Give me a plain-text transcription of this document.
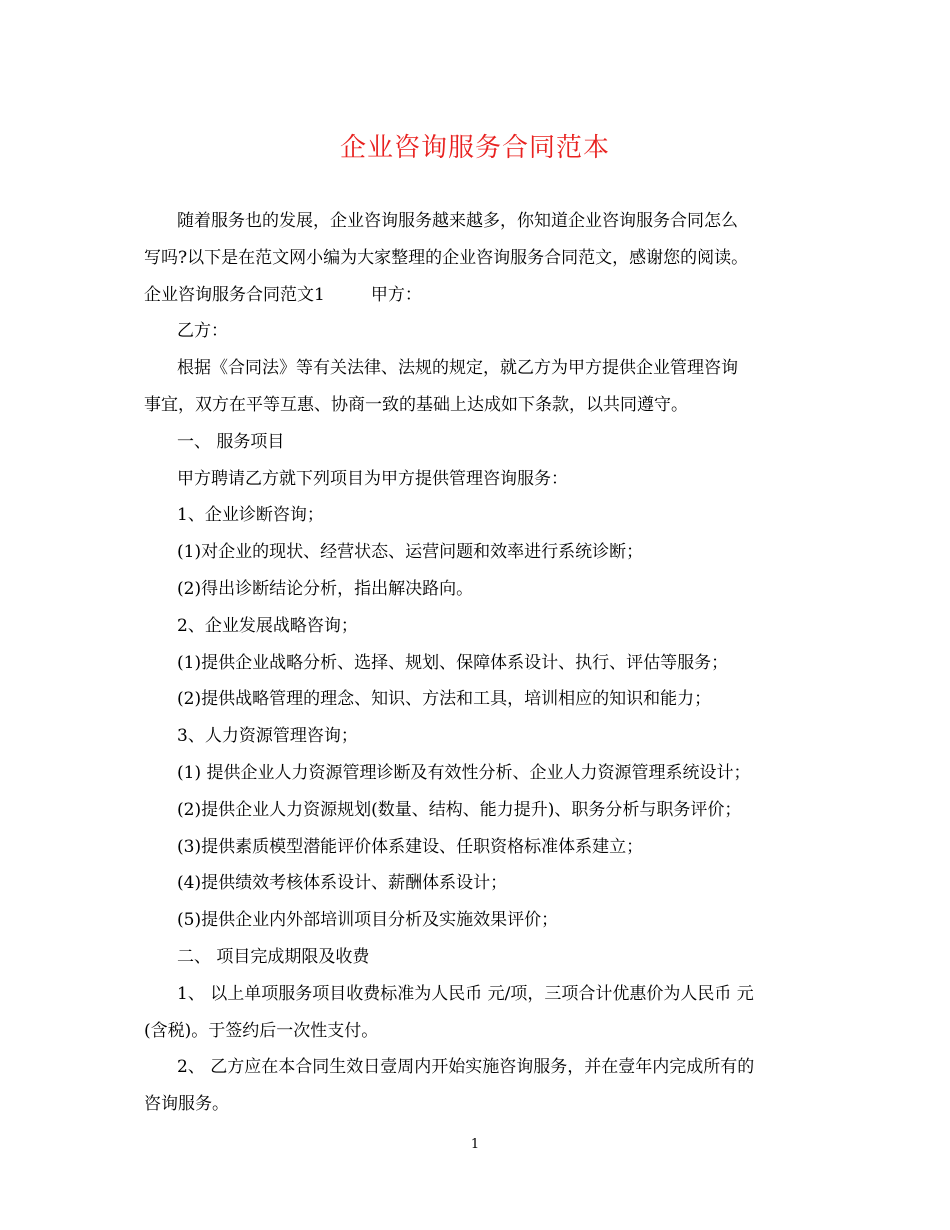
企业咨询服务合同范本

随着服务也的发展，企业咨询服务越来越多，你知道企业咨询服务合同怎么

写吗?以下是在范文网小编为大家整理的企业咨询服务合同范文，感谢您的阅读。

企业咨询服务合同范文1	甲方：

乙方：

根据《合同法》等有关法律、法规的规定，就乙方为甲方提供企业管理咨询

事宜，双方在平等互惠、协商一致的基础上达成如下条款，以共同遵守。

一、 服务项目

甲方聘请乙方就下列项目为甲方提供管理咨询服务：

1、企业诊断咨询；

(1)对企业的现状、经营状态、运营问题和效率进行系统诊断；

(2)得出诊断结论分析，指出解决路向。

2、企业发展战略咨询；

(1)提供企业战略分析、选择、规划、保障体系设计、执行、评估等服务；

(2)提供战略管理的理念、知识、方法和工具，培训相应的知识和能力；

3、人力资源管理咨询；

(1) 提供企业人力资源管理诊断及有效性分析、企业人力资源管理系统设计；

(2)提供企业人力资源规划(数量、结构、能力提升)、职务分析与职务评价；

(3)提供素质模型潜能评价体系建设、任职资格标准体系建立；

(4)提供绩效考核体系设计、薪酬体系设计；

(5)提供企业内外部培训项目分析及实施效果评价；

二、 项目完成期限及收费

1、 以上单项服务项目收费标准为人民币 元/项，三项合计优惠价为人民币 元

(含税)。于签约后一次性支付。

2、 乙方应在本合同生效日壹周内开始实施咨询服务，并在壹年内完成所有的

咨询服务。

1
